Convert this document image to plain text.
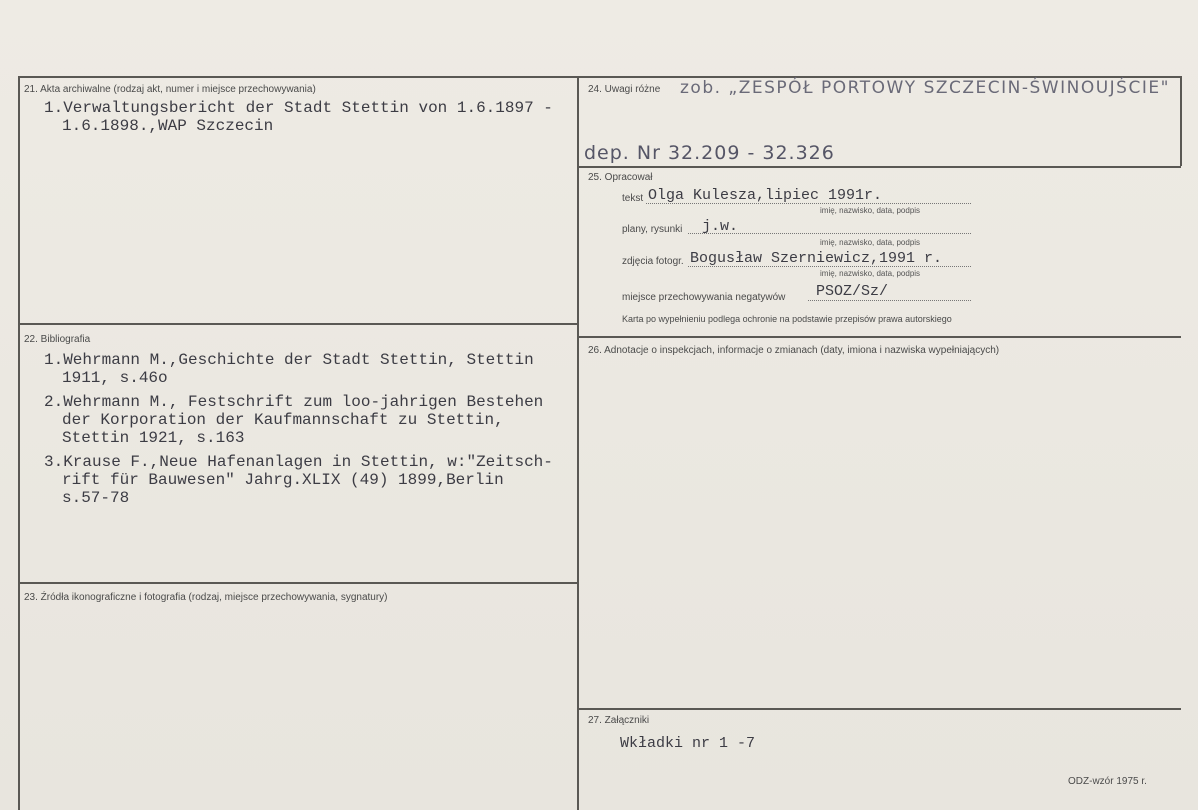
21. Akta archiwalne (rodzaj akt, numer i miejsce przechowywania)
1.Verwaltungsbericht der Stadt Stettin von 1.6.1897 -
1.6.1898.,WAP Szczecin
22. Bibliografia
1.Wehrmann M.,Geschichte der Stadt Stettin, Stettin
1911, s.46o
2.Wehrmann M., Festschrift zum loo-jahrigen Bestehen
der Korporation der Kaufmannschaft zu Stettin,
Stettin 1921, s.163
3.Krause F.,Neue Hafenanlagen in Stettin, w:"Zeitsch-
rift für Bauwesen" Jahrg.XLIX (49) 1899,Berlin
s.57-78
23. Źródła ikonograficzne i fotografia (rodzaj, miejsce przechowywania, sygnatury)
24. Uwagi różne zob. „ZESPÓŁ PORTOWY SZCZECIN-ŚWINOUJŚCIE"
dep. Nr 32.209 - 32.326
25. Opracował
tekst Olga Kulesza,lipiec 1991r.
imię, nazwisko, data, podpis
plany, rysunki j.w.
imię, nazwisko, data, podpis
zdjęcia fotogr. Bogusław Szerniewicz,1991 r.
imię, nazwisko, data, podpis
miejsce przechowywania negatywów PSOZ/Sz/
Karta po wypełnieniu podlega ochronie na podstawie przepisów prawa autorskiego
26. Adnotacje o inspekcjach, informacje o zmianach (daty, imiona i nazwiska wypełniających)
27. Załączniki
Wkładki nr 1 -7
ODZ-wzór 1975 r.
